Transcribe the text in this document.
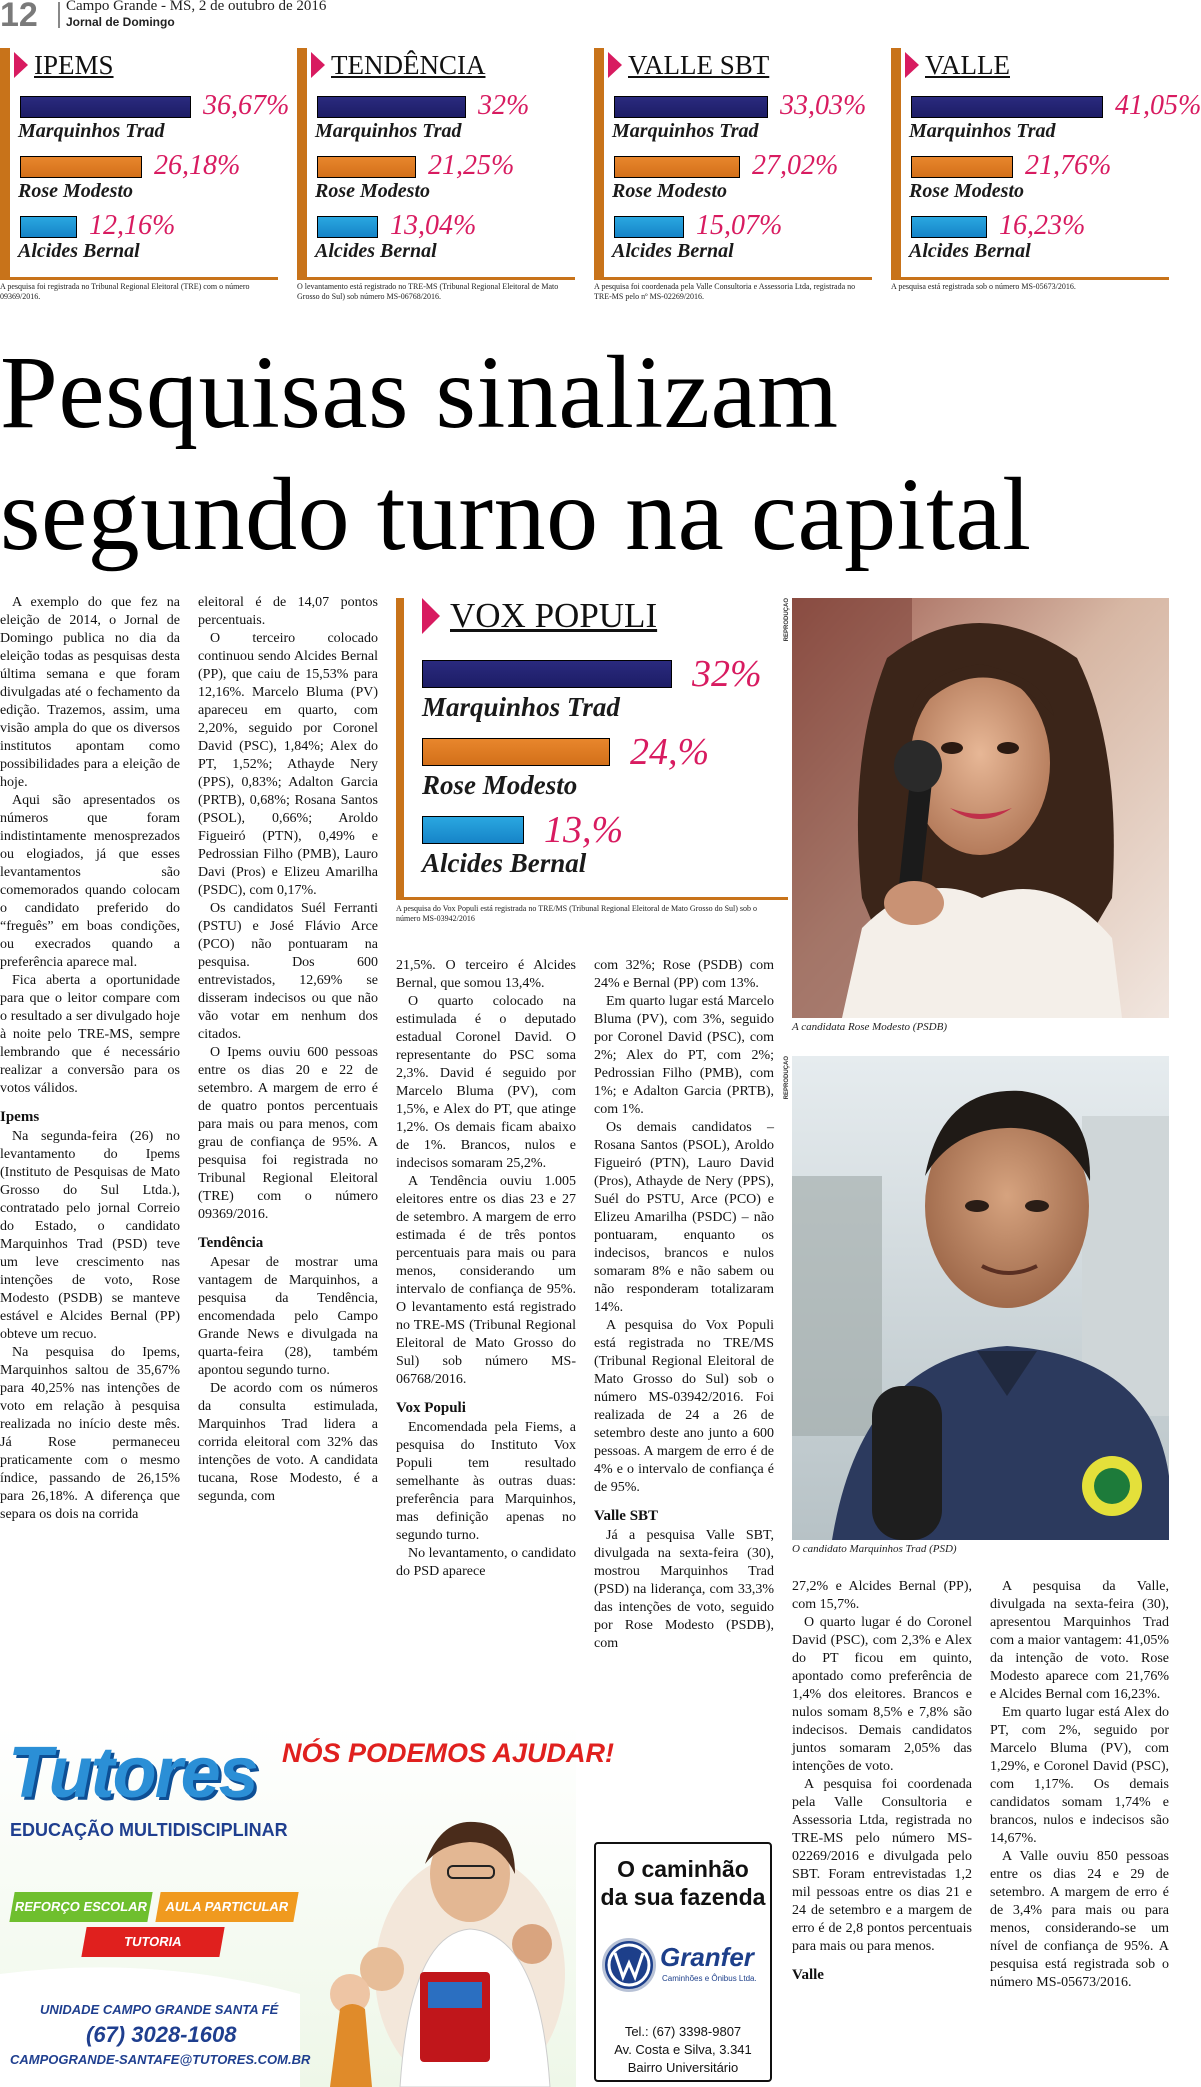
12	Campo Grande - MS, 2 de outubro de 2016
Jornal de Domingo
IPEMS
36,67%
Marquinhos Trad
26,18%
Rose Modesto
12,16%
Alcides Bernal
A pesquisa foi registrada no Tribunal Regional Eleitoral (TRE) com o número 09369/2016.
TENDÊNCIA
32%
Marquinhos Trad
21,25%
Rose Modesto
13,04%
Alcides Bernal
O levantamento está registrado no TRE-MS (Tribunal Regional Eleitoral de Mato Grosso do Sul) sob número MS-06768/2016.
VALLE SBT
33,03%
Marquinhos Trad
27,02%
Rose Modesto
15,07%
Alcides Bernal
A pesquisa foi coordenada pela Valle Consultoria e Assessoria Ltda, registrada no TRE-MS pelo nº MS-02269/2016.
VALLE
41,05%
Marquinhos Trad
21,76%
Rose Modesto
16,23%
Alcides Bernal
A pesquisa está registrada sob o número MS-05673/2016.
VOX POPULI
32%
Marquinhos Trad
24,%
Rose Modesto
13,%
Alcides Bernal
A pesquisa do Vox Populi está registrada no TRE/MS (Tribunal Regional Eleitoral de Mato Grosso do Sul) sob o número MS-03942/2016
Pesquisas sinalizam
segundo turno na capital

A exemplo do que fez na eleição de 2014, o Jornal de Domingo publica no dia da eleição todas as pesquisas desta última semana e que foram divulgadas até o fechamento da edição. Trazemos, assim, uma visão ampla do que os diversos institutos apontam como possibilidades para a eleição de hoje.

Aqui são apresentados os números que foram indistintamente menosprezados ou elogiados, já que esses levantamentos são comemorados quando colocam o candidato preferido do “freguês” em boas condições, ou execrados quando a preferência aparece mal.

Fica aberta a oportunidade para que o leitor compare com o resultado a ser divulgado hoje à noite pelo TRE-MS, sempre lembrando que é necessário realizar a conversão para os votos válidos.

Ipems

Na segunda-feira (26) no levantamento do Ipems (Instituto de Pesquisas de Mato Grosso do Sul Ltda.), contratado pelo jornal Correio do Estado, o candidato Marquinhos Trad (PSD) teve um leve crescimento nas intenções de voto, Rose Modesto (PSDB) se manteve estável e Alcides Bernal (PP) obteve um recuo.

Na pesquisa do Ipems, Marquinhos saltou de 35,67% para 40,25% nas intenções de voto em relação à pesquisa realizada no início deste mês. Já Rose permaneceu praticamente com o mesmo índice, passando de 26,15% para 26,18%. A diferença que separa os dois na corrida

eleitoral é de 14,07 pontos percentuais.

O terceiro colocado continuou sendo Alcides Bernal (PP), que caiu de 15,53% para 12,16%. Marcelo Bluma (PV) apareceu em quarto, com 2,20%, seguido por Coronel David (PSC), 1,84%; Alex do PT, 1,52%; Athayde Nery (PPS), 0,83%; Adalton Garcia (PRTB), 0,68%; Rosana Santos (PSOL), 0,66%; Aroldo Figueiró (PTN), 0,49% e Pedrossian Filho (PMB), Lauro Davi (Pros) e Elizeu Amarilha (PSDC), com 0,17%.

Os candidatos Suél Ferranti (PSTU) e José Flávio Arce (PCO) não pontuaram na pesquisa. Dos 600 entrevistados, 12,69% se disseram indecisos ou que não vão votar em nenhum dos citados.

O Ipems ouviu 600 pessoas entre os dias 20 e 22 de setembro. A margem de erro é de quatro pontos percentuais para mais ou para menos, com grau de confiança de 95%. A pesquisa foi registrada no Tribunal Regional Eleitoral (TRE) com o número 09369/2016.

Tendência

Apesar de mostrar uma vantagem de Marquinhos, a pesquisa da Tendência, encomendada pelo Campo Grande News e divulgada na quarta-feira (28), também apontou segundo turno.

De acordo com os números da consulta estimulada, Marquinhos Trad lidera a corrida eleitoral com 32% das intenções de voto. A candidata tucana, Rose Modesto, é a segunda, com

21,5%. O terceiro é Alcides Bernal, que somou 13,4%.

O quarto colocado na estimulada é o deputado estadual Coronel David. O representante do PSC soma 2,3%. David é seguido por Marcelo Bluma (PV), com 1,5%, e Alex do PT, que atinge 1,2%. Os demais ficam abaixo de 1%. Brancos, nulos e indecisos somaram 25,2%.

A Tendência ouviu 1.005 eleitores entre os dias 23 e 27 de setembro. A margem de erro estimada é de três pontos percentuais para mais ou para menos, considerando um intervalo de confiança de 95%. O levantamento está registrado no TRE-MS (Tribunal Regional Eleitoral de Mato Grosso do Sul) sob número MS-06768/2016.

Vox Populi

Encomendada pela Fiems, a pesquisa do Instituto Vox Populi tem resultado semelhante às outras duas: preferência para Marquinhos, mas definição apenas no segundo turno.

No levantamento, o candidato do PSD aparece

com 32%; Rose (PSDB) com 24% e Bernal (PP) com 13%.

Em quarto lugar está Marcelo Bluma (PV), com 3%, seguido por Coronel David (PSC), com 2%; Alex do PT, com 2%; Pedrossian Filho (PMB), com 1%; e Adalton Garcia (PRTB), com 1%.

Os demais candidatos – Rosana Santos (PSOL), Aroldo Figueiró (PTN), Lauro David (Pros), Athayde de Nery (PPS), Suél do PSTU, Arce (PCO) e Elizeu Amarilha (PSDC) – não pontuaram, enquanto os indecisos, brancos e nulos somaram 8% e não sabem ou não responderam totalizaram 14%.

A pesquisa do Vox Populi está registrada no TRE/MS (Tribunal Regional Eleitoral de Mato Grosso do Sul) sob o número MS-03942/2016. Foi realizada de 24 a 26 de setembro deste ano junto a 600 pessoas. A margem de erro é de 4% e o intervalo de confiança é de 95%.

Valle SBT

Já a pesquisa Valle SBT, divulgada na sexta-feira (30), mostrou Marquinhos Trad (PSD) na liderança, com 33,3% das intenções de voto, seguido por Rose Modesto (PSDB), com

27,2% e Alcides Bernal (PP), com 15,7%.

O quarto lugar é do Coronel David (PSC), com 2,3% e Alex do PT ficou em quinto, apontado como preferência de 1,4% dos eleitores. Brancos e nulos somam 8,5% e 7,8% são indecisos. Demais candidatos juntos somaram 2,05% das intenções de voto.

A pesquisa foi coordenada pela Valle Consultoria e Assessoria Ltda, registrada no TRE-MS pelo número MS-02269/2016 e divulgada pelo SBT. Foram entrevistadas 1,2 mil pessoas entre os dias 21 e 24 de setembro e a margem de erro é de 2,8 pontos percentuais para mais ou para menos.

Valle

A pesquisa da Valle, divulgada na sexta-feira (30), apresentou Marquinhos Trad com a maior vantagem: 41,05% da intenção de voto. Rose Modesto aparece com 21,76% e Alcides Bernal com 16,23%.

Em quarto lugar está Alex do PT, com 2%, seguido por Marcelo Bluma (PV), com 1,29%, e Coronel David (PSC), com 1,17%. Os demais candidatos somam 1,74% e brancos, nulos e indecisos são 14,67%.

A Valle ouviu 850 pessoas entre os dias 24 e 29 de setembro. A margem de erro é de 3,4% para mais ou para menos, considerando-se um nível de confiança de 95%. A pesquisa está registrada sob o número MS-05673/2016.

REPRODUÇÃO
A candidata Rose Modesto (PSDB)
REPRODUÇÃO
O candidato Marquinhos Trad (PSD)
Tutores
EDUCAÇÃO MULTIDISCIPLINAR
NÓS PODEMOS AJUDAR!
REFORÇO ESCOLAR	AULA PARTICULAR
TUTORIA
UNIDADE CAMPO GRANDE SANTA FÉ
(67) 3028-1608
CAMPOGRANDE-SANTAFE@TUTORES.COM.BR
O caminhão
da sua fazenda
Granfer
Caminhões e Ônibus Ltda.
Tel.: (67) 3398-9807
Av. Costa e Silva, 3.341
Bairro Universitário
